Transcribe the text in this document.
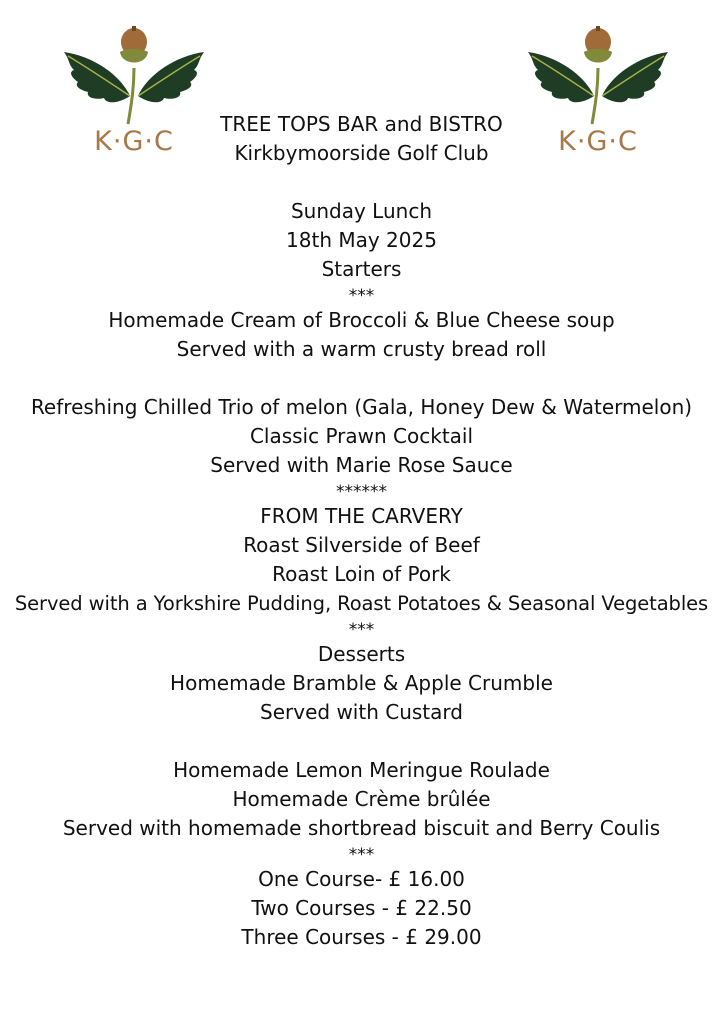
K·G·C	K·G·C
TREE TOPS BAR and BISTRO
Kirkbymoorside Golf Club
Sunday Lunch
18th May 2025
Starters
***
Homemade Cream of Broccoli & Blue Cheese soup
Served with a warm crusty bread roll
Refreshing Chilled Trio of melon (Gala, Honey Dew & Watermelon)
Classic Prawn Cocktail
Served with Marie Rose Sauce
******
FROM THE CARVERY
Roast Silverside of Beef
Roast Loin of Pork
Served with a Yorkshire Pudding, Roast Potatoes & Seasonal Vegetables
***
Desserts
Homemade Bramble & Apple Crumble
Served with Custard
Homemade Lemon Meringue Roulade
Homemade Crème brûlée
Served with homemade shortbread biscuit and Berry Coulis
***
One Course- £ 16.00
Two Courses - £ 22.50
Three Courses - £ 29.00
